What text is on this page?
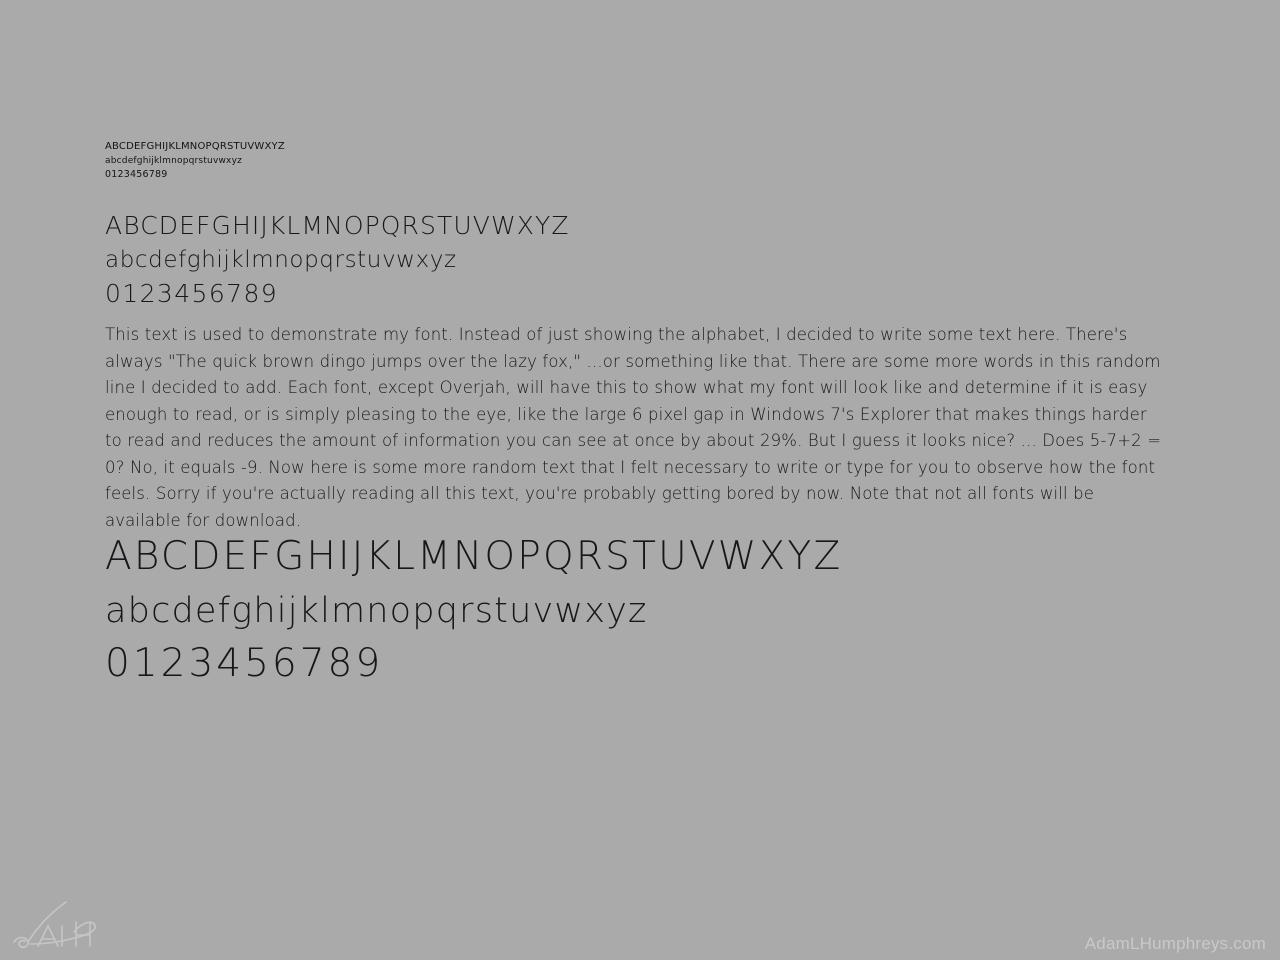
ABCDEFGHIJKLMNOPQRSTUVWXYZ
abcdefghijklmnopqrstuvwxyz
0123456789
ABCDEFGHIJKLMNOPQRSTUVWXYZ
abcdefghijklmnopqrstuvwxyz
0123456789
This text is used to demonstrate my font. Instead of just showing the alphabet, I decided to write some text here. There's always "The quick brown dingo jumps over the lazy fox," ...or something like that. There are some more words in this random line I decided to add. Each font, except Overjah, will have this to show what my font will look like and determine if it is easy enough to read, or is simply pleasing to the eye, like the large 6 pixel gap in Windows 7's Explorer that makes things harder to read and reduces the amount of information you can see at once by about 29%. But I guess it looks nice? ... Does 5-7+2 = 0? No, it equals -9. Now here is some more random text that I felt necessary to write or type for you to observe how the font feels. Sorry if you're actually reading all this text, you're probably getting bored by now. Note that not all fonts will be available for download.
ABCDEFGHIJKLMNOPQRSTUVWXYZ
abcdefghijklmnopqrstuvwxyz
0123456789
AdamLHumphreys.com
